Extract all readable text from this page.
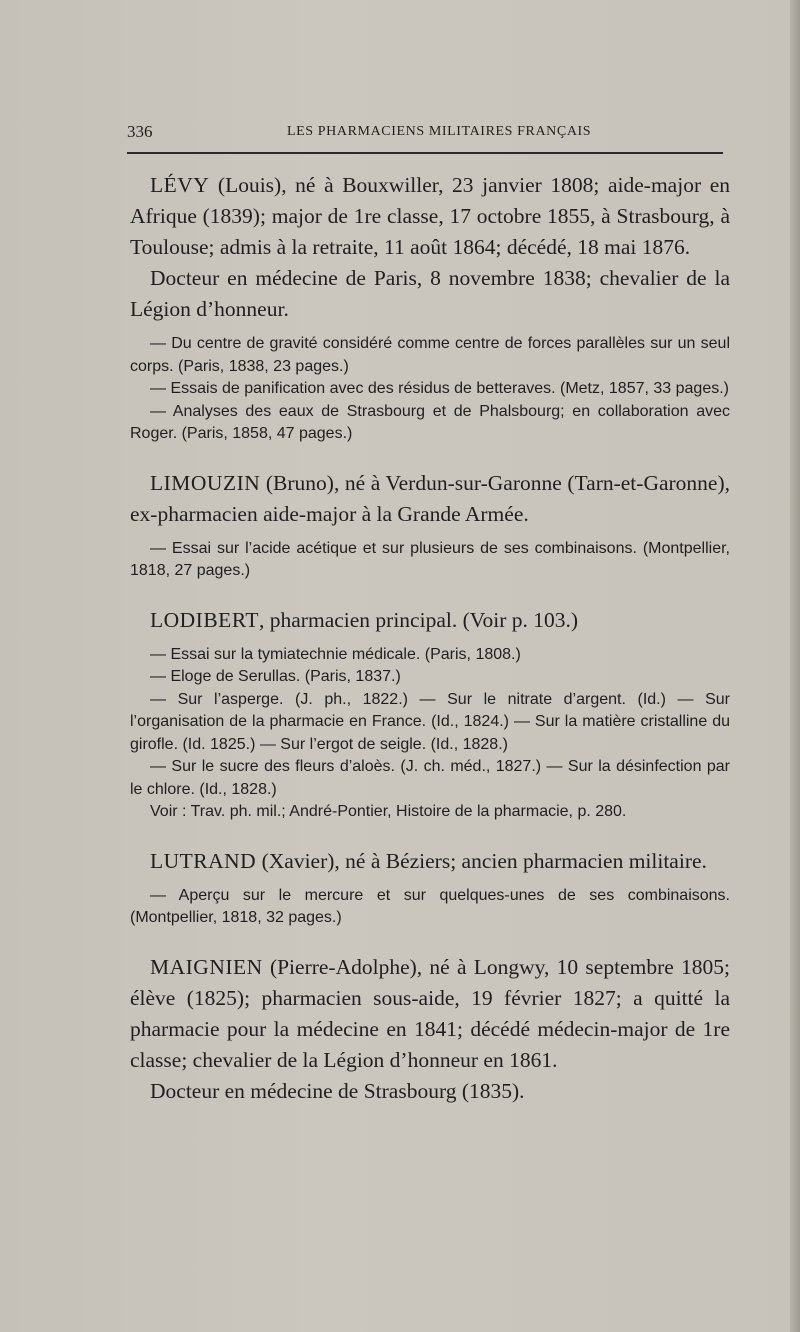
336	LES PHARMACIENS MILITAIRES FRANÇAIS

LÉVY (Louis), né à Bouxwiller, 23 janvier 1808; aide-major en Afrique (1839); major de 1re classe, 17 octobre 1855, à Strasbourg, à Toulouse; admis à la retraite, 11 août 1864; décédé, 18 mai 1876.

Docteur en médecine de Paris, 8 novembre 1838; chevalier de la Légion d’honneur.

— Du centre de gravité considéré comme centre de forces parallèles sur un seul corps. (Paris, 1838, 23 pages.)

— Essais de panification avec des résidus de betteraves. (Metz, 1857, 33 pages.)

— Analyses des eaux de Strasbourg et de Phalsbourg; en collaboration avec Roger. (Paris, 1858, 47 pages.)

LIMOUZIN (Bruno), né à Verdun-sur-Garonne (Tarn-et-Garonne), ex-pharmacien aide-major à la Grande Armée.

— Essai sur l’acide acétique et sur plusieurs de ses combinaisons. (Montpellier, 1818, 27 pages.)

LODIBERT, pharmacien principal. (Voir p. 103.)

— Essai sur la tymiatechnie médicale. (Paris, 1808.)

— Eloge de Serullas. (Paris, 1837.)

— Sur l’asperge. (J. ph., 1822.) — Sur le nitrate d’argent. (Id.) — Sur l’organisation de la pharmacie en France. (Id., 1824.) — Sur la matière cristalline du girofle. (Id. 1825.) — Sur l’ergot de seigle. (Id., 1828.)

— Sur le sucre des fleurs d’aloès. (J. ch. méd., 1827.) — Sur la désinfection par le chlore. (Id., 1828.)

Voir : Trav. ph. mil.; André-Pontier, Histoire de la pharmacie, p. 280.

LUTRAND (Xavier), né à Béziers; ancien pharmacien militaire.

— Aperçu sur le mercure et sur quelques-unes de ses combinaisons. (Montpellier, 1818, 32 pages.)

MAIGNIEN (Pierre-Adolphe), né à Longwy, 10 septembre 1805; élève (1825); pharmacien sous-aide, 19 février 1827; a quitté la pharmacie pour la médecine en 1841; décédé médecin-major de 1re classe; chevalier de la Légion d’honneur en 1861.

Docteur en médecine de Strasbourg (1835).
